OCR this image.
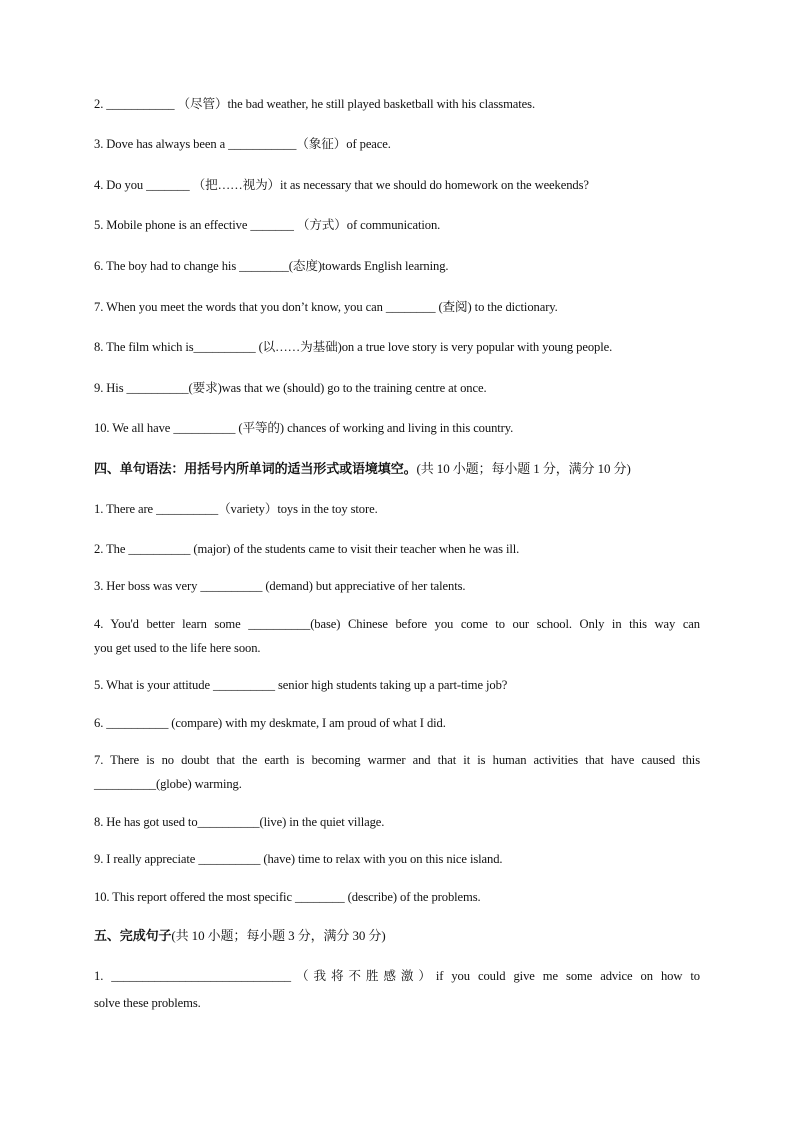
2. ___________ （尽管）the bad weather, he still played basketball with his classmates.
3. Dove has always been a ___________（象征）of peace.
4. Do you _______ （把……视为）it as necessary that we should do homework on the weekends?
5. Mobile phone is an effective _______ （方式）of communication.
6. The boy had to change his ________(态度)towards English learning.
7. When you meet the words that you don’t know, you can ________ (查阅) to the dictionary.
8. The film which is__________ (以……为基础)on a true love story is very popular with young people.
9. His __________(要求)was that we (should) go to the training centre at once.
10. We all have __________ (平等的) chances of working and living in this country.
四、单句语法：用括号内所单词的适当形式或语境填空。(共 10 小题；每小题 1 分，满分 10 分)
1. There are __________（variety）toys in the toy store.
2. The __________ (major) of the students came to visit their teacher when he was ill.
3. Her boss was very __________ (demand) but appreciative of her talents.
4. You'd better learn some __________(base) Chinese before you come to our school. Only in this way can
you get used to the life here soon.
5. What is your attitude __________ senior high students taking up a part-time job?
6. __________ (compare) with my deskmate, I am proud of what I did.
7. There is no doubt that the earth is becoming warmer and that it is human activities that have caused this
__________(globe) warming.
8. He has got used to__________(live) in the quiet village.
9. I really appreciate __________ (have) time to relax with you on this nice island.
10. This report offered the most specific ________ (describe) of the problems.
五、完成句子(共 10 小题；每小题 3 分，满分 30 分)
1. _____________________________（我将不胜感激）if you could give me some advice on how to
solve these problems.
